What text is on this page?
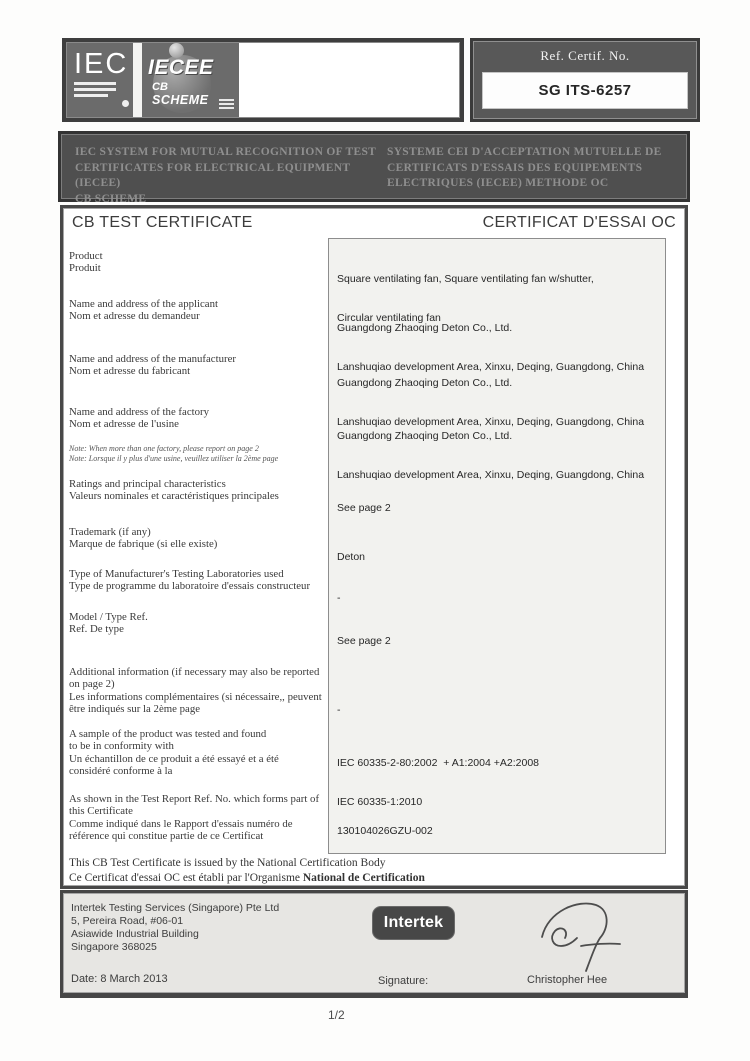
IEC IECEE
CB
SCHEME
Ref. Certif. No.
SG ITS-6257
IEC SYSTEM FOR MUTUAL RECOGNITION OF TEST
CERTIFICATES FOR ELECTRICAL EQUIPMENT (IECEE)
CB SCHEME
SYSTEME CEI D'ACCEPTATION MUTUELLE DE
CERTIFICATS D'ESSAIS DES EQUIPEMENTS
ELECTRIQUES (IECEE) METHODE OC
CB TEST CERTIFICATE	CERTIFICAT D'ESSAI OC
Product
Produit

Square ventilating fan, Square ventilating fan w/shutter,

Circular ventilating fan

Name and address of the applicant
Nom et adresse du demandeur

Guangdong Zhaoqing Deton Co., Ltd.

Lanshuqiao development Area, Xinxu, Deqing, Guangdong, China

Name and address of the manufacturer
Nom et adresse du fabricant

Guangdong Zhaoqing Deton Co., Ltd.

Lanshuqiao development Area, Xinxu, Deqing, Guangdong, China

Name and address of the factory
Nom et adresse de l'usine

Guangdong Zhaoqing Deton Co., Ltd.

Lanshuqiao development Area, Xinxu, Deqing, Guangdong, China

Note: When more than one factory, please report on page 2
Note: Lorsque il y plus d'une usine, veuillez utiliser la 2ème page
Ratings and principal characteristics
Valeurs nominales et caractéristiques principales

See page 2

Trademark (if any)
Marque de fabrique (si elle existe)

Deton

Type of Manufacturer's Testing Laboratories used
Type de programme du laboratoire d'essais constructeur

-

Model / Type Ref.
Ref. De type

See page 2

Additional information (if necessary may also be reported
on page 2)
Les informations complémentaires (si nécessaire,, peuvent
être indiqués sur la 2ème page

	-

A sample of the product was tested and found
to be in conformity with
Un échantillon de ce produit a été essayé et a été
considéré conforme à la

IEC 60335-2-80:2002  + A1:2004 +A2:2008

IEC 60335-1:2010

As shown in the Test Report Ref. No. which forms part of
this Certificate
Comme indiqué dans le Rapport d'essais numéro de
référence qui constitue partie de ce Certificat

	130104026GZU-002

This CB Test Certificate is issued by the National Certification Body
Ce Certificat d'essai OC est établi par l'Organisme National de Certification
Intertek Testing Services (Singapore) Pte Ltd
5, Pereira Road, #06-01
Asiawide Industrial Building
Singapore 368025
Date: 8 March 2013
Intertek
Signature:	Christopher Hee
1/2
